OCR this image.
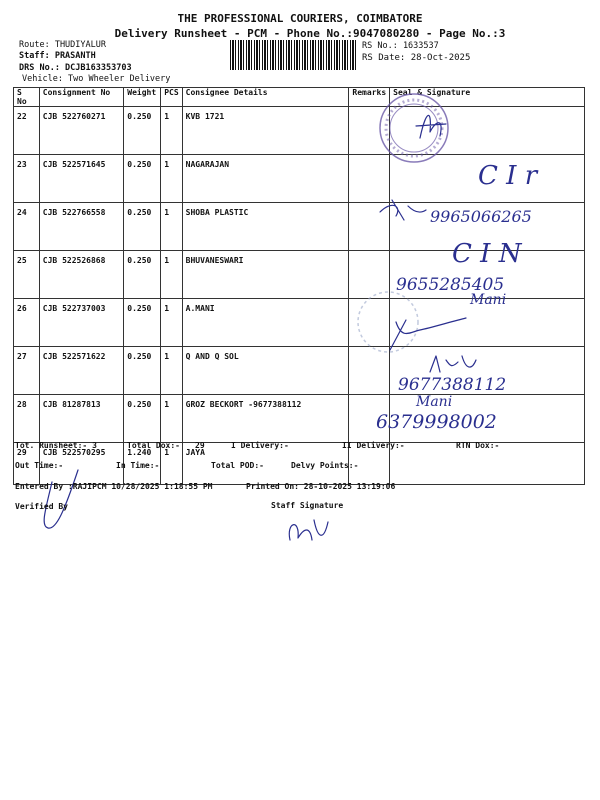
THE PROFESSIONAL COURIERS, COIMBATORE
Delivery Runsheet - PCM - Phone No.:9047080280 - Page No.:3
Route: THUDIYALUR
Staff: PRASANTH
DRS No.: DCJB163353703
Vehicle: Two Wheeler Delivery
RS No.: 1633537
RS Date: 28-Oct-2025
S No	Consignment No	Weight	PCS	Consignee Details	Remarks	Seal & Signature
22	CJB 522760271	0.250	1	KVB 1721		
23	CJB 522571645	0.250	1	NAGARAJAN		
24	CJB 522766558	0.250	1	SHOBA PLASTIC		
25	CJB 522526868	0.250	1	BHUVANESWARI		
26	CJB 522737003	0.250	1	A.MANI		
27	CJB 522571622	0.250	1	Q AND Q SOL		
28	CJB 81287813	0.250	1	GROZ BECKORT -9677388112		
29	CJB 522570295	1.240	1	JAYA		
C I r
9965066265
C I N
9655285405
Mani
9677388112
Mani
6379998002
Tot. Runsheet:- 3	Total Dox:- 29	I Delivery:-	II Delivery:-	RTN Dox:-
Out Time:-	In Time:-	Total POD:-	Delvy Points:-
Entered By :RAJIPCM 10/28/2025 1:18:55 PM	Printed On: 28-10-2025 13:19:06
Verified By	Staff Signature
